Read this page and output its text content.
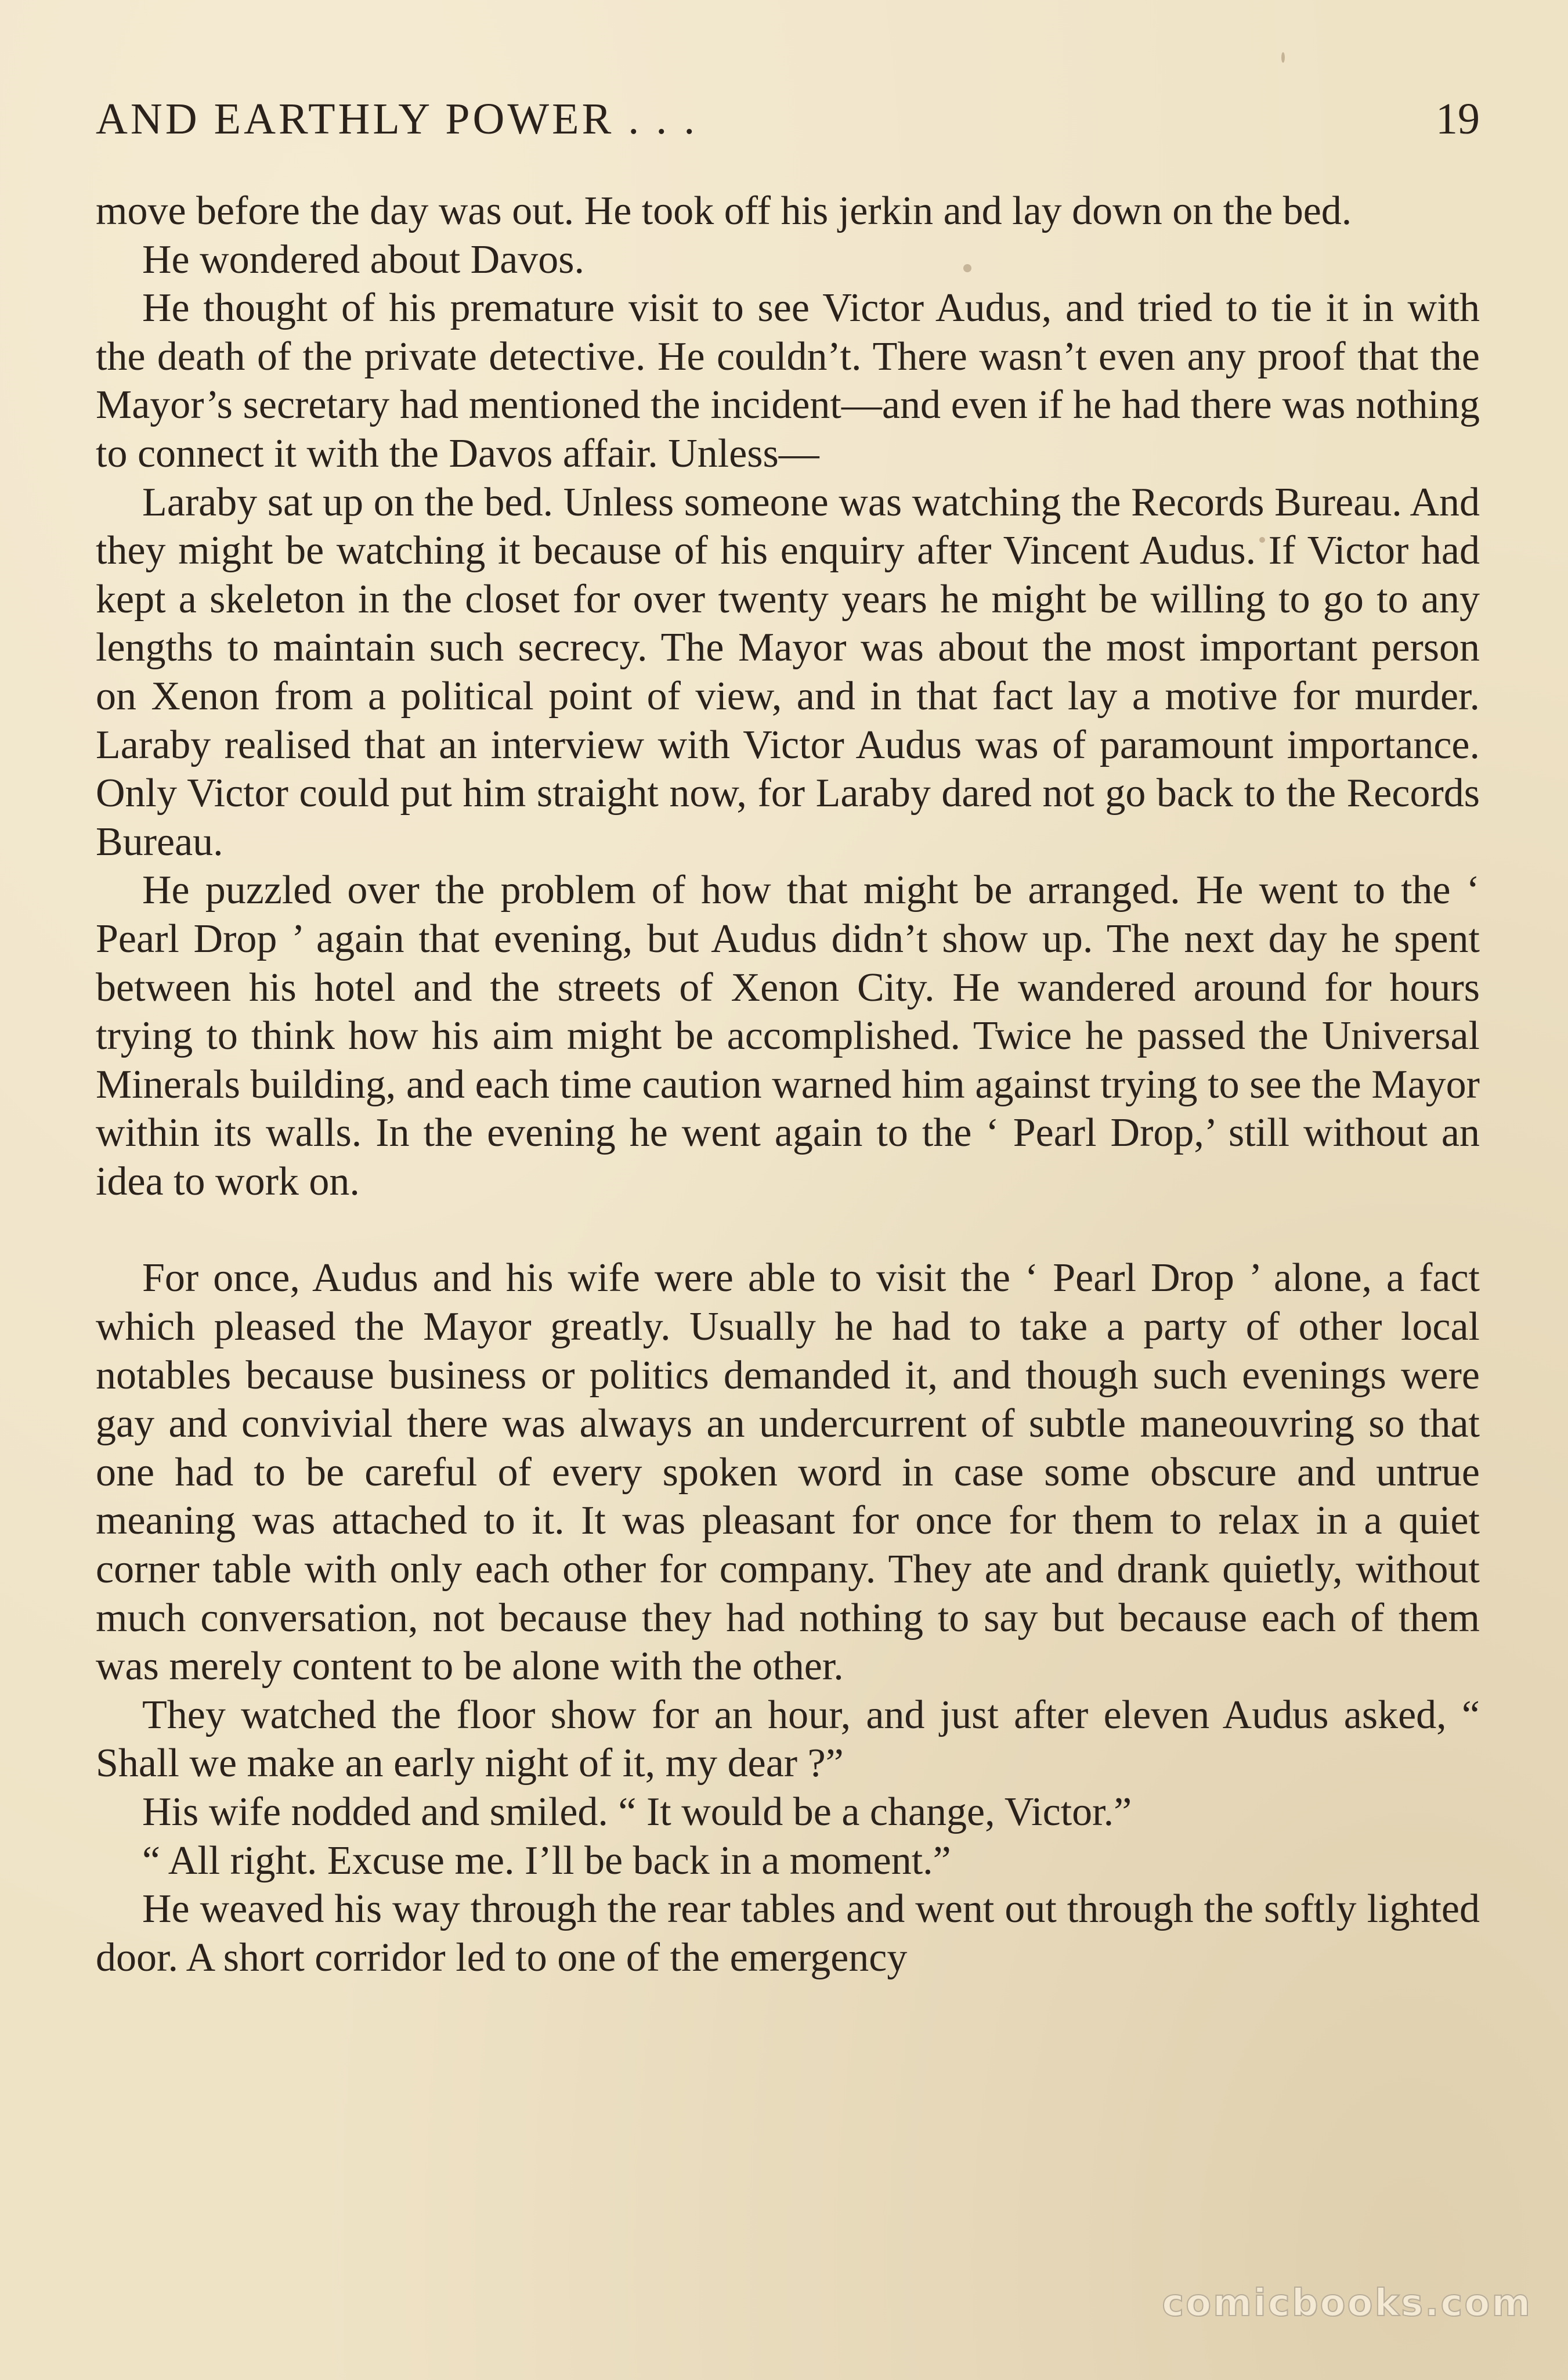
AND EARTHLY POWER . . .	19

move before the day was out. He took off his jerkin and lay down on the bed.

He wondered about Davos.

He thought of his premature visit to see Victor Audus, and tried to tie it in with the death of the private detective. He couldn’t. There wasn’t even any proof that the Mayor’s secretary had mentioned the incident—and even if he had there was nothing to connect it with the Davos affair. Unless—

Laraby sat up on the bed. Unless someone was watching the Records Bureau. And they might be watching it because of his enquiry after Vincent Audus. If Victor had kept a skeleton in the closet for over twenty years he might be willing to go to any lengths to maintain such secrecy. The Mayor was about the most important person on Xenon from a political point of view, and in that fact lay a motive for murder. Laraby realised that an interview with Victor Audus was of paramount importance. Only Victor could put him straight now, for Laraby dared not go back to the Records Bureau.

He puzzled over the problem of how that might be arranged. He went to the ‘ Pearl Drop ’ again that evening, but Audus didn’t show up. The next day he spent between his hotel and the streets of Xenon City. He wandered around for hours trying to think how his aim might be accomplished. Twice he passed the Universal Minerals building, and each time caution warned him against trying to see the Mayor within its walls. In the evening he went again to the ‘ Pearl Drop,’ still without an idea to work on.

For once, Audus and his wife were able to visit the ‘ Pearl Drop ’ alone, a fact which pleased the Mayor greatly. Usually he had to take a party of other local notables because business or politics demanded it, and though such evenings were gay and convivial there was always an undercurrent of subtle maneouvring so that one had to be careful of every spoken word in case some obscure and untrue meaning was attached to it. It was pleasant for once for them to relax in a quiet corner table with only each other for company. They ate and drank quietly, without much conversation, not because they had nothing to say but because each of them was merely content to be alone with the other.

They watched the floor show for an hour, and just after eleven Audus asked, “ Shall we make an early night of it, my dear ?”

His wife nodded and smiled. “ It would be a change, Victor.”

“ All right. Excuse me. I’ll be back in a moment.”

He weaved his way through the rear tables and went out through the softly lighted door. A short corridor led to one of the emergency

comicbooks.com
